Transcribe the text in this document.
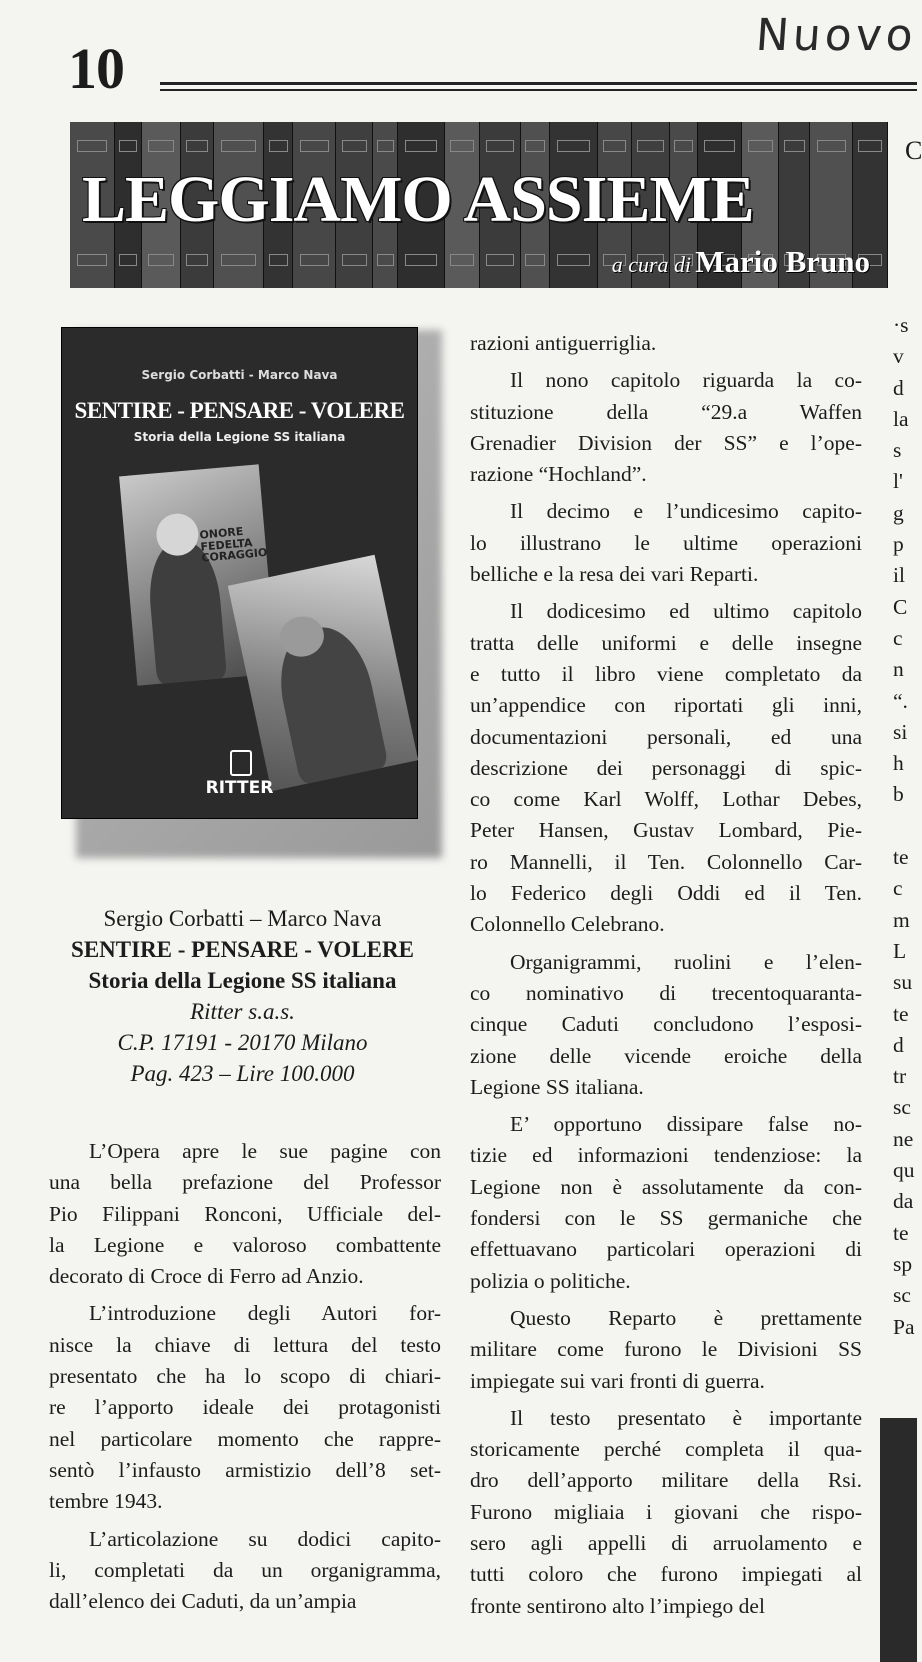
10
Nuovo
C
LEGGIAMO ASSIEME
a cura di Mario Bruno
Sergio Corbatti - Marco Nava
SENTIRE - PENSARE - VOLERE
Storia della Legione SS italiana
ONORE FEDELTA CORAGGIO
RITTER
Sergio Corbatti – Marco Nava
SENTIRE - PENSARE - VOLERE
Storia della Legione SS italiana
Ritter s.a.s.
C.P. 17191 - 20170 Milano
Pag. 423 – Lire 100.000

L’Opera apre le sue pagine con

una bella prefazione del Professor

Pio Filippani Ronconi, Ufficiale del-

la Legione e valoroso combattente

decorato di Croce di Ferro ad Anzio.

L’introduzione degli Autori for-

nisce la chiave di lettura del testo

presentato che ha lo scopo di chiari-

re l’apporto ideale dei protagonisti

nel particolare momento che rappre-

sentò l’infausto armistizio dell’8 set-

tembre 1943.

L’articolazione su dodici capito-

li, completati da un organigramma,

dall’elenco dei Caduti, da un’ampia

razioni antiguerriglia.

Il nono capitolo riguarda la co-

stituzione della “29.a Waffen

Grenadier Division der SS” e l’ope-

razione “Hochland”.

Il decimo e l’undicesimo capito-

lo illustrano le ultime operazioni

belliche e la resa dei vari Reparti.

Il dodicesimo ed ultimo capitolo

tratta delle uniformi e delle insegne

e tutto il libro viene completato da

un’appendice con riportati gli inni,

documentazioni personali, ed una

descrizione dei personaggi di spic-

co come Karl Wolff, Lothar Debes,

Peter Hansen, Gustav Lombard, Pie-

ro Mannelli, il Ten. Colonnello Car-

lo Federico degli Oddi ed il Ten.

Colonnello Celebrano.

Organigrammi, ruolini e l’elen-

co nominativo di trecentoquaranta-

cinque Caduti concludono l’esposi-

zione delle vicende eroiche della

Legione SS italiana.

E’ opportuno dissipare false no-

tizie ed informazioni tendenziose: la

Legione non è assolutamente da con-

fondersi con le SS germaniche che

effettuavano particolari operazioni di

polizia o politiche.

Questo Reparto è prettamente

militare come furono le Divisioni SS

impiegate sui vari fronti di guerra.

Il testo presentato è importante

storicamente perché completa il qua-

dro dell’apporto militare della Rsi.

Furono migliaia i giovani che rispo-

sero agli appelli di arruolamento e

tutti coloro che furono impiegati al

fronte sentirono alto l’impiego del

·s
v
d
la
s
l'
g
p
il
C
c
n
“.
si
h
b

te
c
m
L
su
te
d
tr
sc
ne
qu
da
te
sp
sc
Pa
